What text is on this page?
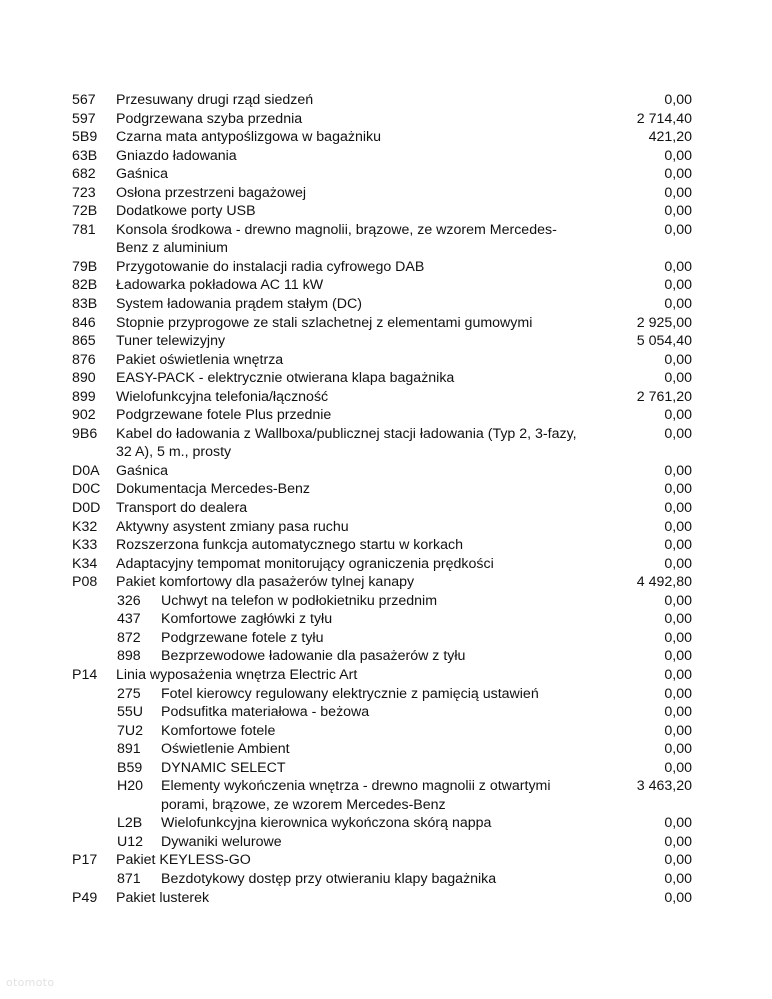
567 Przesuwany drugi rząd siedzeń	0,00
597 Podgrzewana szyba przednia	2 714,40
5B9 Czarna mata antypoślizgowa w bagażniku	421,20
63B Gniazdo ładowania	0,00
682 Gaśnica	0,00
723 Osłona przestrzeni bagażowej	0,00
72B Dodatkowe porty USB	0,00
781 Konsola środkowa - drewno magnolii, brązowe, ze wzorem Mercedes-Benz z aluminium
0,00
79B Przygotowanie do instalacji radia cyfrowego DAB	0,00
82B Ładowarka pokładowa AC 11 kW	0,00
83B System ładowania prądem stałym (DC)	0,00
846 Stopnie przyprogowe ze stali szlachetnej z elementami gumowymi	2 925,00
865 Tuner telewizyjny	5 054,40
876 Pakiet oświetlenia wnętrza	0,00
890 EASY-PACK - elektrycznie otwierana klapa bagażnika	0,00
899 Wielofunkcyjna telefonia/łączność	2 761,20
902 Podgrzewane fotele Plus przednie	0,00
9B6 Kabel do ładowania z Wallboxa/publicznej stacji ładowania (Typ 2, 3-fazy, 32 A), 5 m., prosty
0,00
D0A Gaśnica	0,00
D0C Dokumentacja Mercedes-Benz	0,00
D0D Transport do dealera	0,00
K32 Aktywny asystent zmiany pasa ruchu	0,00
K33 Rozszerzona funkcja automatycznego startu w korkach	0,00
K34 Adaptacyjny tempomat monitorujący ograniczenia prędkości	0,00
P08 Pakiet komfortowy dla pasażerów tylnej kanapy	4 492,80
326 Uchwyt na telefon w podłokietniku przednim	0,00
437 Komfortowe zagłówki z tyłu	0,00
872 Podgrzewane fotele z tyłu	0,00
898 Bezprzewodowe ładowanie dla pasażerów z tyłu	0,00
P14 Linia wyposażenia wnętrza Electric Art	0,00
275 Fotel kierowcy regulowany elektrycznie z pamięcią ustawień	0,00
55U Podsufitka materiałowa - beżowa	0,00
7U2 Komfortowe fotele	0,00
891 Oświetlenie Ambient	0,00
B59 DYNAMIC SELECT	0,00
H20 Elementy wykończenia wnętrza - drewno magnolii z otwartymi porami, brązowe, ze wzorem Mercedes-Benz
3 463,20
L2B Wielofunkcyjna kierownica wykończona skórą nappa	0,00
U12 Dywaniki welurowe	0,00
P17 Pakiet KEYLESS-GO	0,00
871 Bezdotykowy dostęp przy otwieraniu klapy bagażnika	0,00
P49 Pakiet lusterek	0,00
otomoto
